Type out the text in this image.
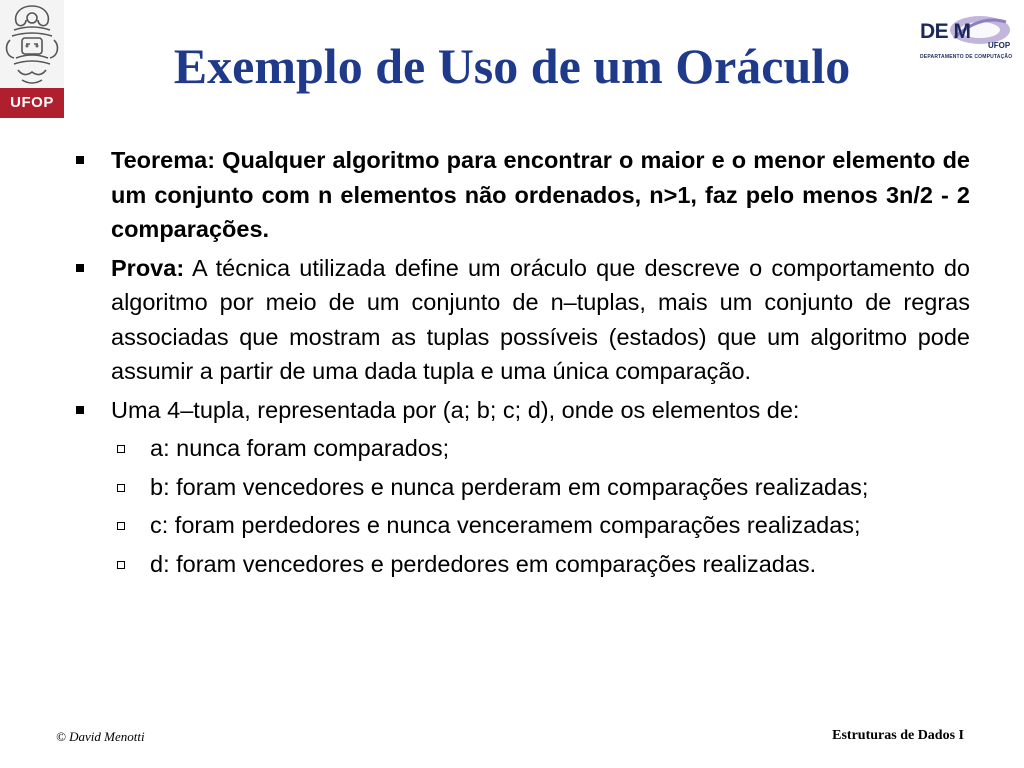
UFOP
DE M
UFOP
DEPARTAMENTO DE COMPUTAÇÃO
Exemplo de Uso de um Oráculo
Teorema: Qualquer algoritmo para encontrar o maior e o menor elemento de um conjunto com n elementos não ordenados, n>1, faz pelo menos 3n/2 - 2 comparações.
Prova: A técnica utilizada define um oráculo que descreve o comportamento do algoritmo por meio de um conjunto de n–tuplas, mais um conjunto de regras associadas que mostram as tuplas possíveis (estados) que um algoritmo pode assumir a partir de uma dada tupla e uma única comparação.
Uma 4–tupla, representada por (a; b; c; d), onde os elementos de:
a: nunca foram comparados;
b: foram vencedores e nunca perderam em comparações realizadas;
c: foram perdedores e nunca venceramem comparações realizadas;
d: foram vencedores e perdedores em comparações realizadas.
© David Menotti	Estruturas de Dados I
